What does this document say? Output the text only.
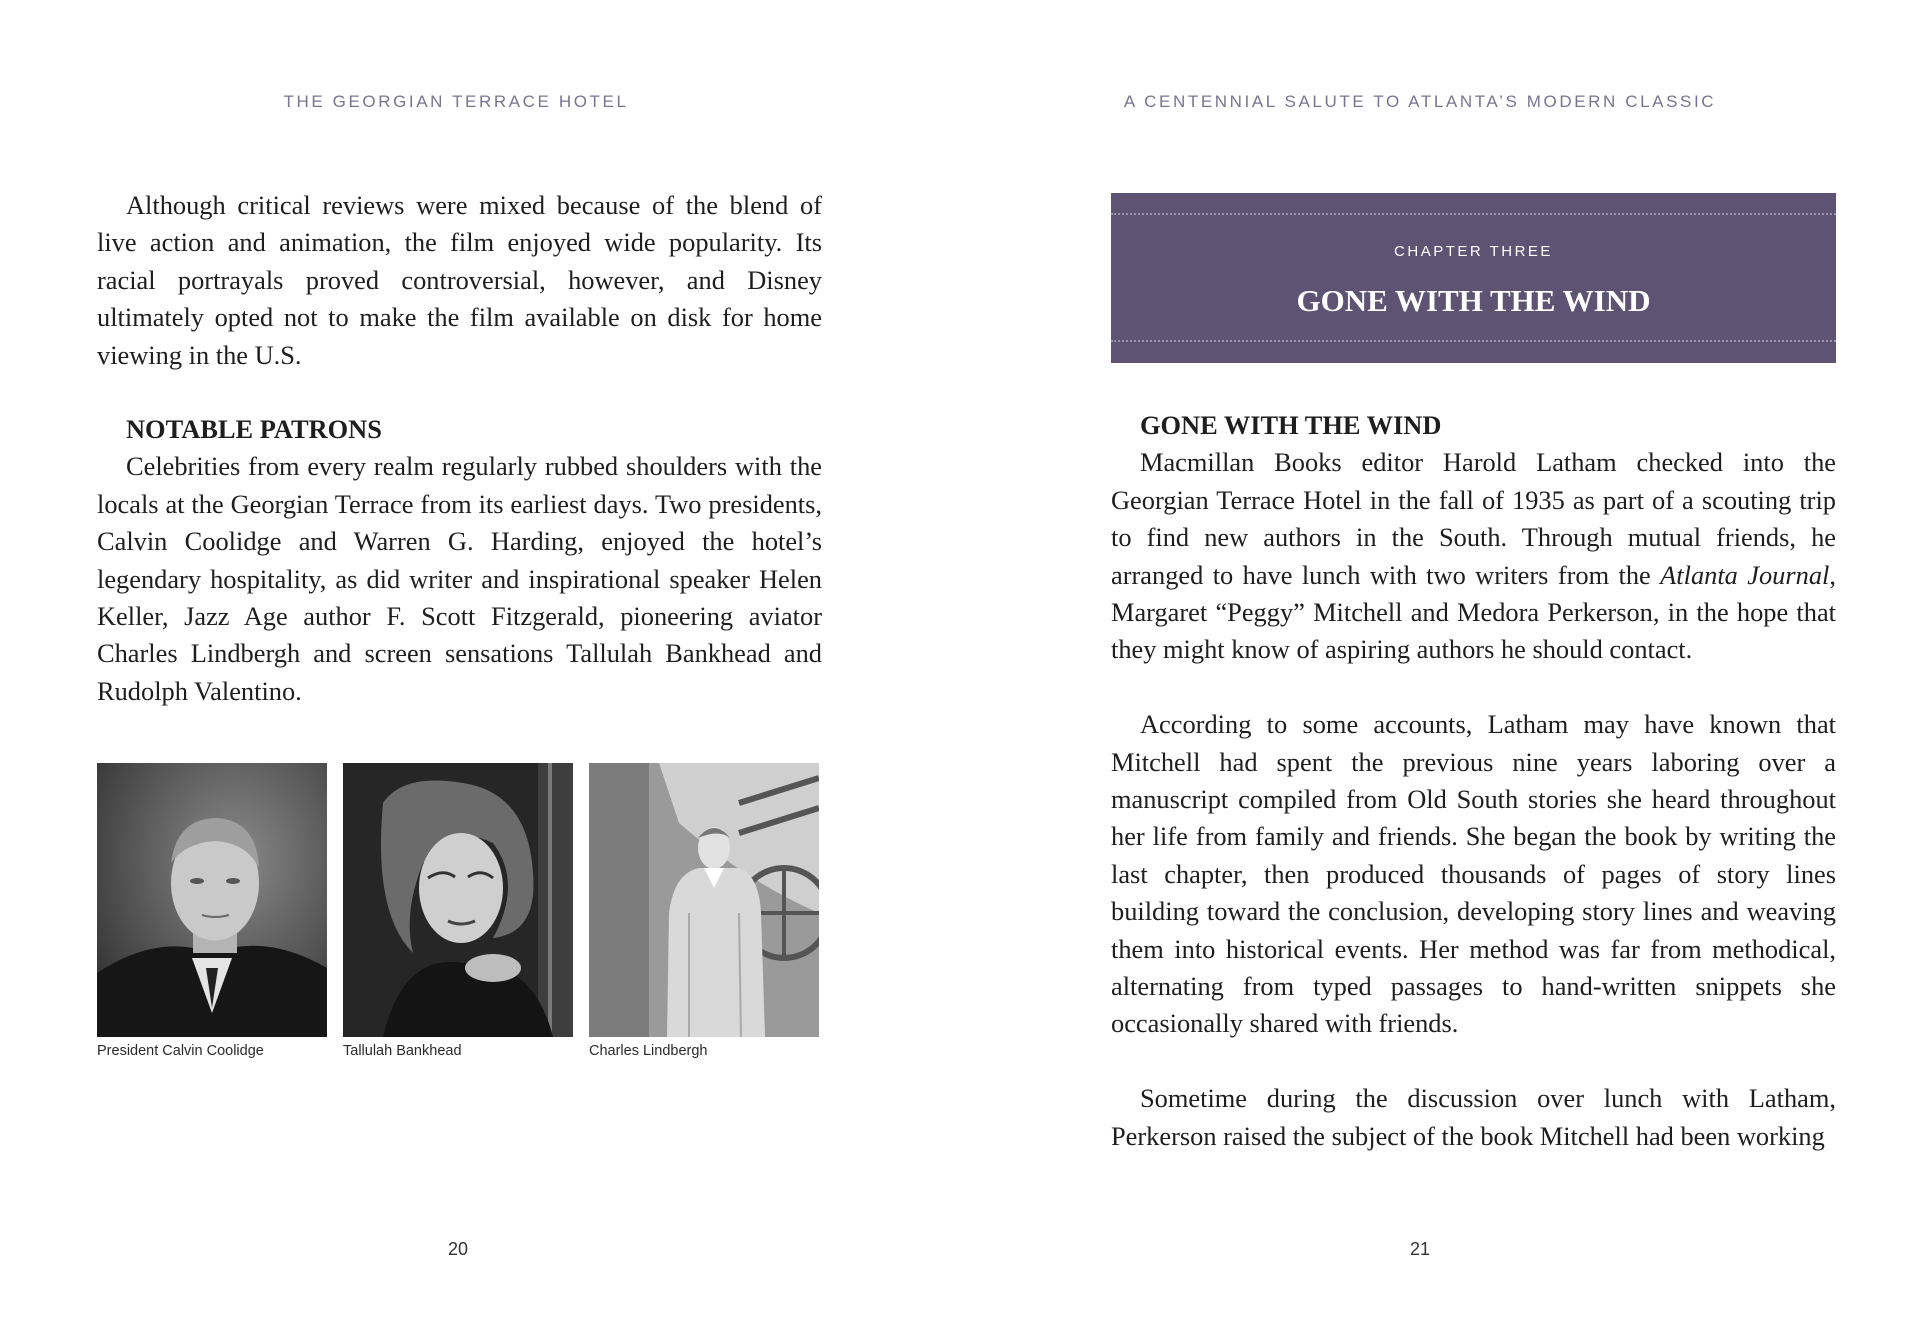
THE GEORGIAN TERRACE HOTEL

Although critical reviews were mixed because of the blend of live action and animation, the film enjoyed wide popularity. Its racial portrayals proved controversial, however, and Disney ultimately opted not to make the film available on disk for home viewing in the U.S.

NOTABLE PATRONS

Celebrities from every realm regularly rubbed shoulders with the locals at the Georgian Terrace from its earliest days. Two presidents, Calvin Coolidge and Warren G. Harding, enjoyed the hotel’s legendary hospitality, as did writer and inspirational speaker Helen Keller, Jazz Age author F. Scott Fitzgerald, pioneering aviator Charles Lindbergh and screen sensations Tallulah Bankhead and Rudolph Valentino.

President Calvin Coolidge	Tallulah Bankhead	Charles Lindbergh
20
A CENTENNIAL SALUTE TO ATLANTA’S MODERN CLASSIC
CHAPTER THREE
GONE WITH THE WIND
GONE WITH THE WIND

Macmillan Books editor Harold Latham checked into the Georgian Terrace Hotel in the fall of 1935 as part of a scouting trip to find new authors in the South. Through mutual friends, he arranged to have lunch with two writers from the Atlanta Journal, Margaret “Peggy” Mitchell and Medora Perkerson, in the hope that they might know of aspiring authors he should contact.

According to some accounts, Latham may have known that Mitchell had spent the previous nine years laboring over a manuscript compiled from Old South stories she heard throughout her life from family and friends. She began the book by writing the last chapter, then produced thousands of pages of story lines building toward the conclusion, developing story lines and weaving them into historical events. Her method was far from methodical, alternating from typed passages to hand-written snippets she occasionally shared with friends.

Sometime during the discussion over lunch with Latham, Perkerson raised the subject of the book Mitchell had been working

21
